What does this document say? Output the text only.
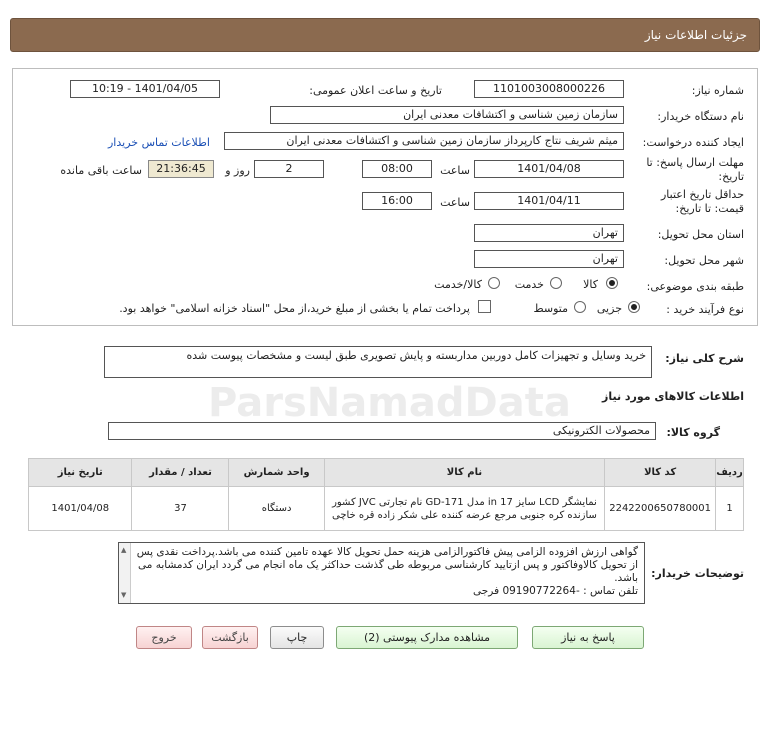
جزئیات اطلاعات نیاز
ParsNamadData
شماره نیاز:
1101003008000226
تاریخ و ساعت اعلان عمومی:
1401/04/05 - 10:19
نام دستگاه خریدار:
سازمان زمین شناسی و اکتشافات معدنی ایران
ایجاد کننده درخواست:
میثم شریف نتاج کارپرداز سازمان زمین شناسی و اکتشافات معدنی ایران
اطلاعات تماس خریدار
مهلت ارسال پاسخ: تا
تاریخ:
1401/04/08
ساعت
08:00
2
روز و
21:36:45
ساعت باقی مانده
حداقل تاریخ اعتبار
قیمت: تا تاریخ:
1401/04/11
ساعت
16:00
استان محل تحویل:
تهران
شهر محل تحویل:
تهران
طبقه بندی موضوعی:
کالا
خدمت
کالا/خدمت
نوع فرآیند خرید :
جزیی
متوسط
پرداخت تمام یا بخشی از مبلغ خرید،از محل "اسناد خزانه اسلامی" خواهد بود.
شرح کلی نیاز:
خرید وسایل و تجهیزات کامل دوربین مداربسته و پایش تصویری طبق لیست و مشخصات پیوست شده
اطلاعات کالاهای مورد نیاز
گروه کالا:
محصولات الکترونیکی
ردیف	کد کالا	نام کالا	واحد شمارش	تعداد / مقدار	تاریخ نیاز
1	2242200650780001	نمایشگر LCD سایز in 17 مدل GD-171 نام تجارتی JVC کشور سازنده کره جنوبی مرجع عرضه کننده علی شکر زاده قره خاچی	دستگاه	37	1401/04/08
توضیحات خریدار:
▲
▼
گواهی ارزش افزوده الزامی پیش فاکتورالزامی هزینه حمل تحویل کالا عهده تامین کننده می باشد.پرداخت نقدی پس از تحویل کالاوفاکتور و پس ازتایید کارشناسی مربوطه طی گذشت حداکثر یک ماه انجام می گردد ایران کدمشابه می باشد.
تلفن تماس : -09190772264 فرجی
پاسخ به نیاز
مشاهده مدارک پیوستی (2)
چاپ
بازگشت
خروج
